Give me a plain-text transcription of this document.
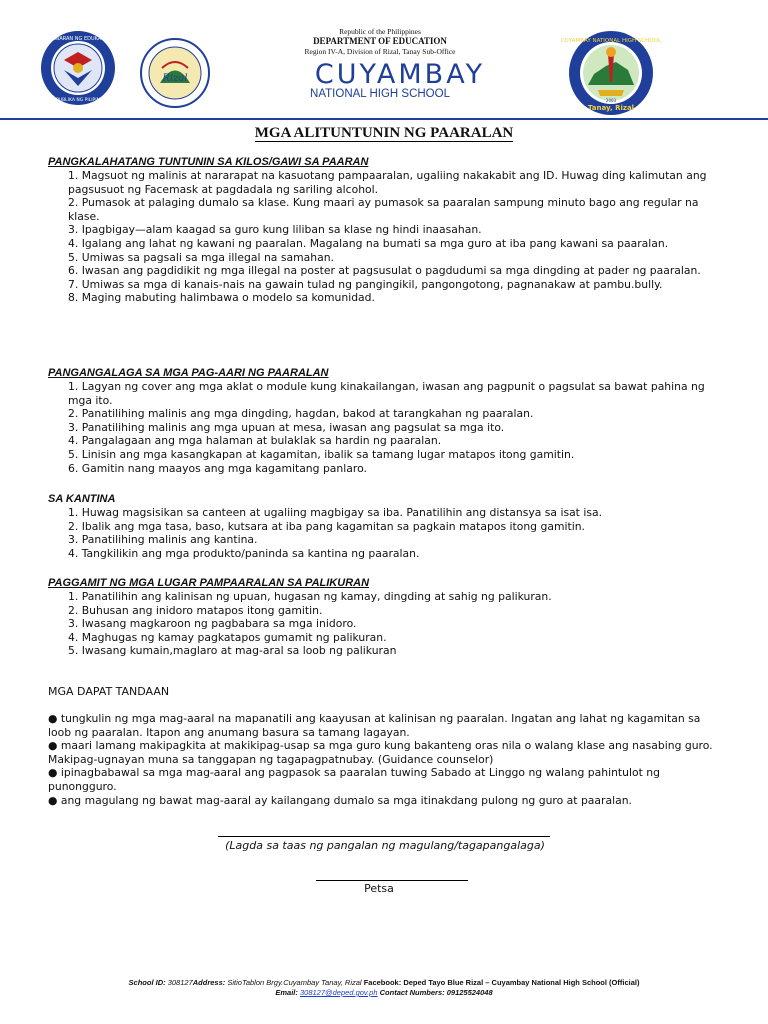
KAGAWARAN NG EDUKASYON
REPUBLIKA NG PILIPINAS
Rizal
CUYAMBAY NATIONAL HIGH SCHOOL
Tanay, Rizal
2003
Republic of the Philippines
DEPARTMENT OF EDUCATION
Region IV-A, Division of Rizal, Tanay Sub-Office
CUYAMBAY
NATIONAL HIGH SCHOOL
MGA ALITUNTUNIN NG PAARALAN
PANGKALAHATANG TUNTUNIN SA KILOS/GAWI SA PAARAN
1. Magsuot ng malinis at nararapat na kasuotang pampaaralan, ugaliing nakakabit ang ID. Huwag ding kalimutan ang pagsusuot ng Facemask at pagdadala ng sariling alcohol.
2. Pumasok at palaging dumalo sa klase. Kung maari ay pumasok sa paaralan sampung minuto bago ang regular na klase.
3. Ipagbigay—alam kaagad sa guro kung liliban sa klase ng hindi inaasahan.
4. Igalang ang lahat ng kawani ng paaralan. Magalang na bumati sa mga guro at iba pang kawani sa paaralan.
5. Umiwas sa pagsali sa mga illegal na samahan.
6. Iwasan ang pagdidikit ng mga illegal na poster at pagsusulat o pagdudumi sa mga dingding at pader ng paaralan.
7. Umiwas sa mga di kanais-nais na gawain tulad ng pangingikil, pangongotong, pagnanakaw at pambu.bully.
8. Maging mabuting halimbawa o modelo sa komunidad.
PANGANGALAGA SA MGA PAG-AARI NG PAARALAN
1. Lagyan ng cover ang mga aklat o module kung kinakailangan, iwasan ang pagpunit o pagsulat sa bawat pahina ng mga ito.
2. Panatilihing malinis ang mga dingding, hagdan, bakod at tarangkahan ng paaralan.
3. Panatilihing malinis ang mga upuan at mesa, iwasan ang pagsulat sa mga ito.
4. Pangalagaan ang mga halaman at bulaklak sa hardin ng paaralan.
5. Linisin ang mga kasangkapan at kagamitan, ibalik sa tamang lugar matapos itong gamitin.
6. Gamitin nang maayos ang mga kagamitang panlaro.
SA KANTINA
1. Huwag magsisikan sa canteen at ugaliing magbigay sa iba. Panatilihin ang distansya sa isat isa.
2. Ibalik ang mga tasa, baso, kutsara at iba pang kagamitan sa pagkain matapos itong gamitin.
3. Panatilihing malinis ang kantina.
4. Tangkilikin ang mga produkto/paninda sa kantina ng paaralan.
PAGGAMIT NG MGA LUGAR PAMPAARALAN SA PALIKURAN
1. Panatilihin ang kalinisan ng upuan, hugasan ng kamay, dingding at sahig ng palikuran.
2. Buhusan ang inidoro matapos itong gamitin.
3. Iwasang magkaroon ng pagbabara sa mga inidoro.
4. Maghugas ng kamay pagkatapos gumamit ng palikuran.
5. Iwasang kumain,maglaro at mag-aral sa loob ng palikuran
MGA DAPAT TANDAAN
● tungkulin ng mga mag-aaral na mapanatili ang kaayusan at kalinisan ng paaralan. Ingatan ang lahat ng kagamitan sa loob ng paaralan. Itapon ang anumang basura sa tamang lagayan.
● maari lamang makipagkita at makikipag-usap sa mga guro kung bakanteng oras nila o walang klase ang nasabing guro. Makipag-ugnayan muna sa tanggapan ng tagapagpatnubay. (Guidance counselor)
● ipinagbabawal sa mga mag-aaral ang pagpasok sa paaralan tuwing Sabado at Linggo ng walang pahintulot ng punongguro.
● ang magulang ng bawat mag-aaral ay kailangang dumalo sa mga itinakdang pulong ng guro at paaralan.
(Lagda sa taas ng pangalan ng magulang/tagapangalaga)
Petsa
School ID: 308127Address: SitioTablon Brgy.Cuyambay Tanay, Rizal Facebook: Deped Tayo Blue Rizal – Cuyambay National High School (Official)
Email: 308127@deped.gov.ph Contact Numbers: 09125524048
